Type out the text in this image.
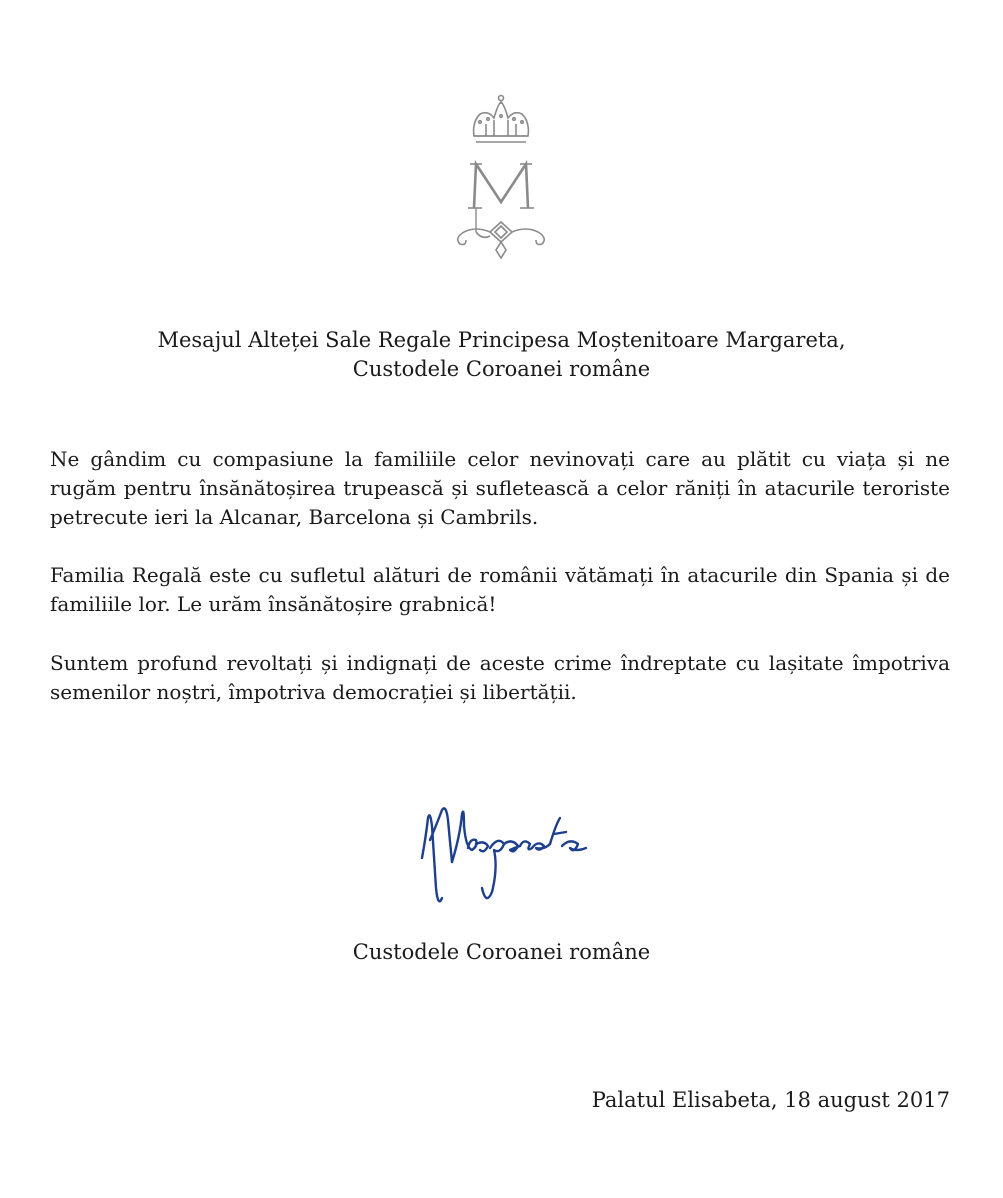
Mesajul Alteței Sale Regale Principesa Moștenitoare Margareta,
Custodele Coroanei române

Ne gândim cu compasiune la familiile celor nevinovați care au plătit cu viața și ne rugăm pentru însănătoșirea trupească și sufletească a celor răniți în atacurile teroriste petrecute ieri la Alcanar, Barcelona și Cambrils.

Familia Regală este cu sufletul alături de românii vătămați în atacurile din Spania și de familiile lor. Le urăm însănătoșire grabnică!

Suntem profund revoltați și indignați de aceste crime îndreptate cu lașitate împotriva semenilor noștri, împotriva democrației și libertății.

Custodele Coroanei române
Palatul Elisabeta, 18 august 2017
